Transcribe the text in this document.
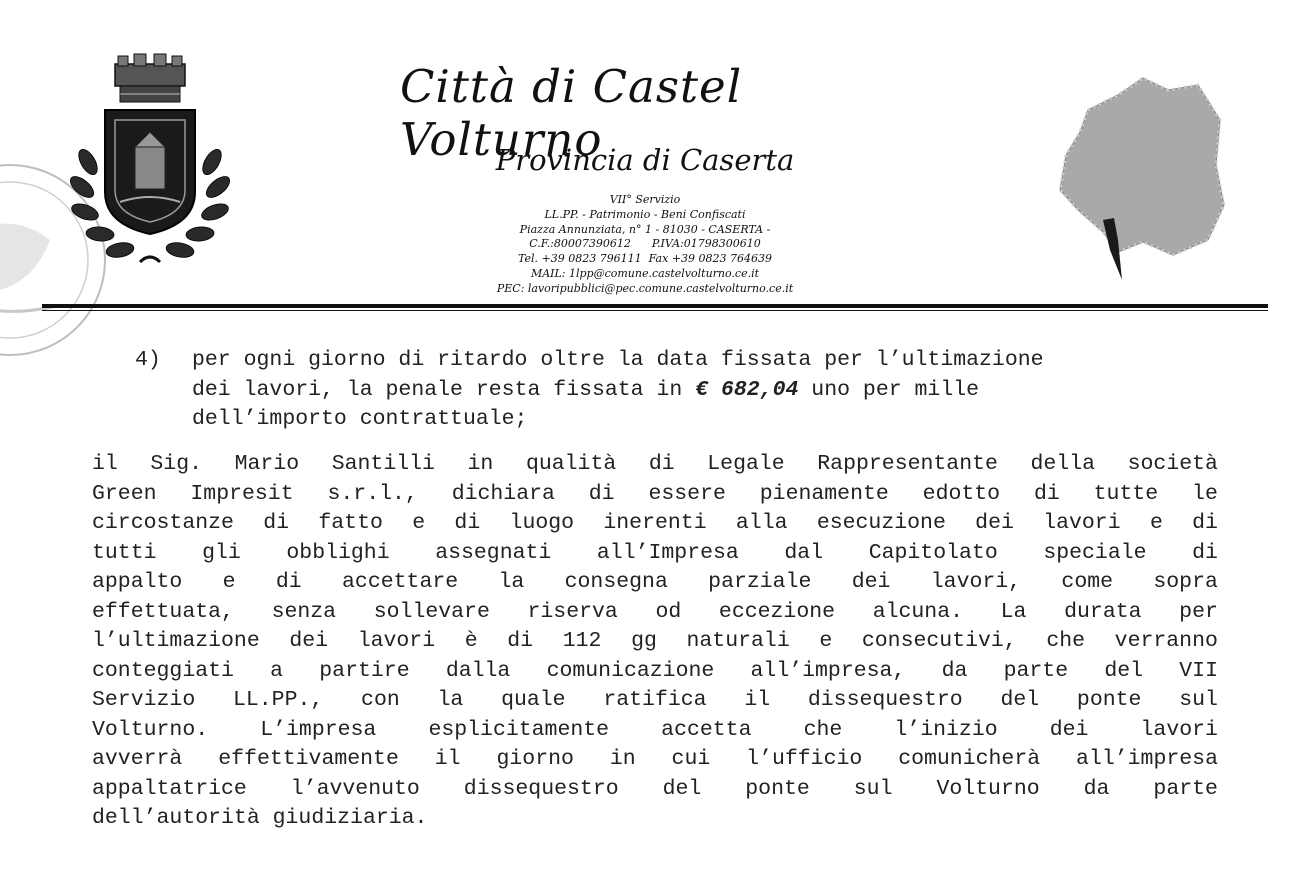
Città di Castel Volturno
Provincia di Caserta
VII° Servizio
LL.PP. - Patrimonio - Beni Confiscati
Piazza Annunziata, n° 1 - 81030 - CASERTA -
C.F.:80007390612      P.IVA:01798300610
Tel. +39 0823 796111  Fax +39 0823 764639
MAIL: 1lpp@comune.castelvolturno.ce.it
PEC: lavoripubblici@pec.comune.castelvolturno.ce.it
4) per ogni giorno di ritardo oltre la data fissata per l’ultimazione
dei lavori, la penale resta fissata in € 682,04 uno per mille
dell’importo contrattuale;
il Sig. Mario Santilli in qualità di Legale Rappresentante della società
Green Impresit s.r.l., dichiara di essere pienamente edotto di tutte le
circostanze di fatto e di luogo inerenti alla esecuzione dei lavori e di
tutti gli obblighi assegnati all’Impresa dal Capitolato speciale di
appalto e di accettare la consegna parziale dei lavori, come sopra
effettuata, senza sollevare riserva od eccezione alcuna. La durata per
l’ultimazione dei lavori è di 112 gg naturali e consecutivi, che verranno
conteggiati a partire dalla comunicazione all’impresa, da parte del VII
Servizio LL.PP., con la quale ratifica il dissequestro del ponte sul
Volturno. L’impresa esplicitamente accetta che l’inizio dei lavori
avverrà effettivamente il giorno in cui l’ufficio comunicherà all’impresa
appaltatrice l’avvenuto dissequestro del ponte sul Volturno da parte
dell’autorità giudiziaria.
